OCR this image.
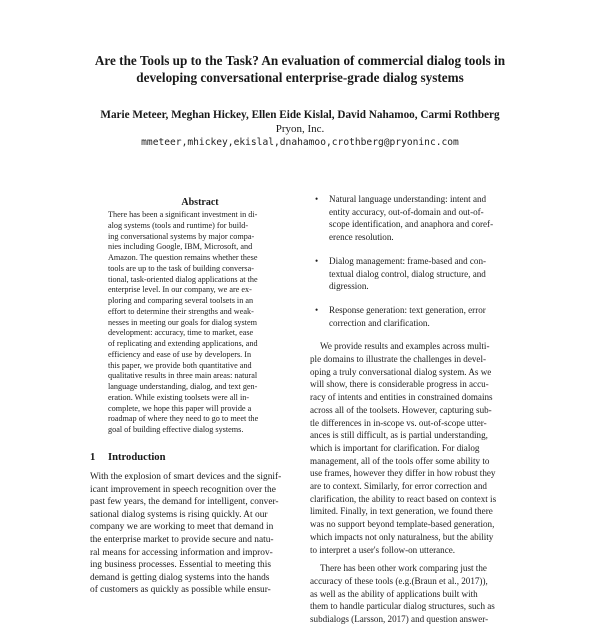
Are the Tools up to the Task? An evaluation of commercial dialog tools in
developing conversational enterprise-grade dialog systems
Marie Meteer, Meghan Hickey, Ellen Eide Kislal, David Nahamoo, Carmi Rothberg
Pryon, Inc.
mmeteer,mhickey,ekislal,dnahamoo,crothberg@pryoninc.com
Abstract
There has been a significant investment in di-
alog systems (tools and runtime) for build-
ing conversational systems by major compa-
nies including Google, IBM, Microsoft, and
Amazon. The question remains whether these
tools are up to the task of building conversa-
tional, task-oriented dialog applications at the
enterprise level. In our company, we are ex-
ploring and comparing several toolsets in an
effort to determine their strengths and weak-
nesses in meeting our goals for dialog system
development: accuracy, time to market, ease
of replicating and extending applications, and
efficiency and ease of use by developers. In
this paper, we provide both quantitative and
qualitative results in three main areas: natural
language understanding, dialog, and text gen-
eration. While existing toolsets were all in-
complete, we hope this paper will provide a
roadmap of where they need to go to meet the
goal of building effective dialog systems.
1 Introduction
With the explosion of smart devices and the signif-
icant improvement in speech recognition over the
past few years, the demand for intelligent, conver-
sational dialog systems is rising quickly. At our
company we are working to meet that demand in
the enterprise market to provide secure and natu-
ral means for accessing information and improv-
ing business processes. Essential to meeting this
demand is getting dialog systems into the hands
of customers as quickly as possible while ensur-
• Natural language understanding: intent and
entity accuracy, out-of-domain and out-of-
scope identification, and anaphora and coref-
erence resolution.
• Dialog management: frame-based and con-
textual dialog control, dialog structure, and
digression.
• Response generation: text generation, error
correction and clarification.
We provide results and examples across multi-
ple domains to illustrate the challenges in devel-
oping a truly conversational dialog system. As we
will show, there is considerable progress in accu-
racy of intents and entities in constrained domains
across all of the toolsets. However, capturing sub-
tle differences in in-scope vs. out-of-scope utter-
ances is still difficult, as is partial understanding,
which is important for clarification. For dialog
management, all of the tools offer some ability to
use frames, however they differ in how robust they
are to context. Similarly, for error correction and
clarification, the ability to react based on context is
limited. Finally, in text generation, we found there
was no support beyond template-based generation,
which impacts not only naturalness, but the ability
to interpret a user's follow-on utterance.
There has been other work comparing just the
accuracy of these tools (e.g.(Braun et al., 2017)),
as well as the ability of applications built with
them to handle particular dialog structures, such as
subdialogs (Larsson, 2017) and question answer-
